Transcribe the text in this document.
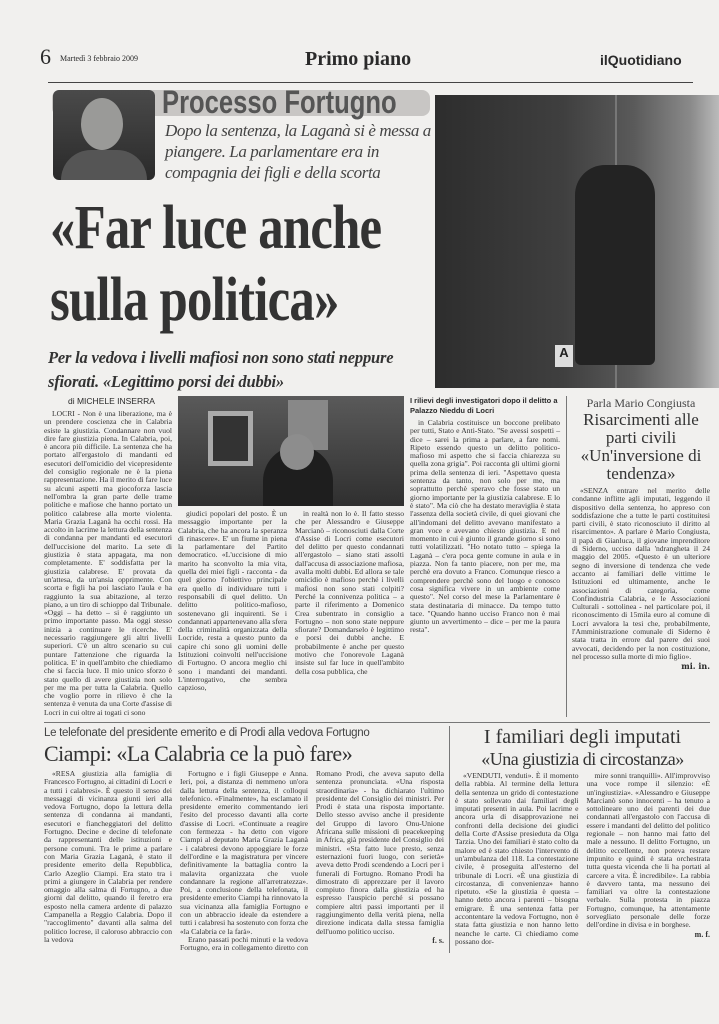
6 Martedì 3 febbraio 2009	Primo piano	ilQuotidiano
Processo Fortugno
Dopo la sentenza, la Laganà si è messa a piangere. La parlamentare era in compagnia dei figli e della scorta
«Far luce anche
sulla politica»
Per la vedova i livelli mafiosi non sono stati neppure sfiorati. «Legittimo porsi dei dubbi»
A
di MICHELE INSERRA

LOCRI - Non è una liberazione, ma è un prendere coscienza che in Calabria esiste la giustizia. Condannare non vuol dire fare giustizia piena. In Calabria, poi, è ancora più difficile. La sentenza che ha portato all'ergastolo di mandanti ed esecutori dell'omicidio del vicepresidente del consiglio regionale ne è la piena rappresentazione. Ha il merito di fare luce su alcuni aspetti ma giocoforza lascia nell'ombra la gran parte delle trame politiche e mafiose che hanno portato un politico calabrese alla morte violenta. Maria Grazia Laganà ha occhi rossi. Ha accolto in lacrime la lettura della sentenza di condanna per mandanti ed esecutori dell'uccisione del marito. La sete di giustizia è stata appagata, ma non completamente. E' soddisfatta per la giustizia calabrese. E' provata da un'attesa, da un'ansia opprimente. Con scorta e figli ha poi lasciato l'aula e ha raggiunto la sua abitazione, al terzo piano, a un tiro di schioppo dal Tribunale. «Oggi – ha detto – si è raggiunto un primo importante passo. Ma oggi stesso inizia a continuare le ricerche. E' necessario raggiungere gli altri livelli superiori. C'è un altro scenario su cui puntare l'attenzione che riguarda la politica. E' in quell'ambito che chiediamo che si faccia luce. Il mio unico sforzo è stato quello di avere giustizia non solo per me ma per tutta la Calabria. Quello che voglio porre in rilievo è che la sentenza è venuta da una Corte d'assise di Locri in cui oltre ai togati ci sono

giudici popolari del posto. È un messaggio importante per la Calabria, che ha ancora la speranza di rinascere». E' un fiume in piena la parlamentare del Partito democratico. «L'uccisione di mio marito ha sconvolto la mia vita, quella dei miei figli - racconta - da quel giorno l'obiettivo principale era quello di individuare tutti i responsabili di quel delitto. Un delitto politico-mafioso, sostenevano gli inquirenti. Se i condannati appartenevano alla sfera della criminalità organizzata della Locride, resta a questo punto da capire chi sono gli uomini delle Istituzioni coinvolti nell'uccisione di Fortugno. O ancora meglio chi sono i mandanti dei mandanti. L'interrogativo, che sembra capzioso,

in realtà non lo è. Il fatto stesso che per Alessandro e Giuseppe Marcianò – riconosciuti dalla Corte d'Assise di Locri come esecutori del delitto per questo condannati all'ergastolo – siano stati assolti dall'accusa di associazione mafiosa, avalla molti dubbi. Ed allora se tale omicidio è mafioso perché i livelli mafiosi non sono stati colpiti? Perché la connivenza politica – a parte il riferimento a Domenico Crea subentrato in consiglio a Fortugno – non sono state neppure sfiorate? Domandarselo è legittimo e porsi dei dubbi anche. E probabilmente è anche per questo motivo che l'onorevole Laganà insiste sul far luce in quell'ambito della cosa pubblica, che

I rilievi degli investigatori dopo il delitto a Palazzo Nieddu di Locri

in Calabria costituisce un boccone prelibato per tutti, Stato e Anti-Stato. "Se avessi sospetti – dice – sarei la prima a parlare, a fare nomi. Ripeto essendo questo un delitto politico-mafioso mi aspetto che si faccia chiarezza su quella zona grigia". Poi racconta gli ultimi giorni prima della sentenza di ieri. "Aspettavo questa sentenza da tanto, non solo per me, ma soprattutto perchè speravo che fosse stato un giorno importante per la giustizia calabrese. E lo è stato". Ma ciò che ha destato meraviglia è stata l'assenza della società civile, di quei giovani che all'indomani del delitto avevano manifestato a gran voce e avevano chiesto giustizia. E nel momento in cui è giunto il grande giorno si sono tutti volatilizzati. "Ho notato tutto – spiega la Laganà – c'era poca gente comune in aula e in piazza. Non fa tanto piacere, non per me, ma perchè era dovuto a Franco. Comunque riesco a comprendere perchè sono del luogo e conosco cosa significa vivere in un ambiente come questo". Nel corso del mese la Parlamentare è stata destinataria di minacce. Da tempo tutto tace. "Quando hanno ucciso Franco non è mai giunto un avvertimento – dice – per me la paura resta".

Parla Mario Congiusta
Risarcimenti alle parti civili «Un'inversione di tendenza»

«SENZA entrare nel merito delle condanne inflitte agli imputati, leggendo il dispositivo della sentenza, ho appreso con soddisfazione che a tutte le parti costituitesi parti civili, è stato riconosciuto il diritto al risarcimento». A parlare è Mario Congiusta, il papà di Gianluca, il giovane imprenditore di Siderno, ucciso dalla 'ndrangheta il 24 maggio del 2005. «Questo è un ulteriore segno di inversione di tendenza che vede accanto ai familiari delle vittime le Istituzioni ed ultimamente, anche le associazioni di categoria, come Confindustria Calabria, e le Associazioni Culturali - sottolinea - nel particolare poi, il riconoscimento di 15mila euro al comune di Locri avvalora la tesi che, probabilmente, l'Amministrazione comunale di Siderno è stata tratta in errore dal parere dei suoi avvocati, decidendo per la non costituzione, nel processo sulla morte di mio figlio».

mi. in.
Le telefonate del presidente emerito e di Prodi alla vedova Fortugno
Ciampi: «La Calabria ce la può fare»

«RESA giustizia alla famiglia di Francesco Fortugno, ai cittadini di Locri e a tutti i calabresi». È questo il senso dei messaggi di vicinanza giunti ieri alla vedova Fortugno, dopo la lettura della sentenza di condanna ai mandanti, esecutori e fiancheggiatori del delitto Fortugno. Decine e decine di telefonate da rappresentanti delle istituzioni e persone comuni. Tra le prime a parlare con Maria Grazia Laganà, è stato il presidente emerito della Repubblica, Carlo Azeglio Ciampi. Era stato tra i primi a giungere in Calabria per rendere omaggio alla salma di Fortugno, a due giorni dal delitto, quando il feretro era esposto nella camera ardente di palazzo Campanella a Reggio Calabria. Dopo il "raccoglimento" davanti alla salma del politico locrese, il caloroso abbraccio con la vedova

Fortugno e i figli Giuseppe e Anna. Ieri, poi, a distanza di nemmeno un'ora dalla lettura della sentenza, il colloqui telefonico. «Finalmente», ha esclamato il presidente emerito commentando ieri l'esito del processo davanti alla corte d'assise di Locri. «Continuate a reagire con fermezza - ha detto con vigore Ciampi al deputato Maria Grazia Laganà - i calabresi devono appoggiare le forze dell'ordine e la magistratura per vincere definitivamente la battaglia contro la malavita organizzata che vuole condannare la regione all'arretratezza». Poi, a conclusione della telefonata, il presidente emerito Ciampi ha rinnovato la sua vicinanza alla famiglia Fortugno e con un abbraccio ideale da estendere a tutti i calabresi ha sostenuto con forza che «la Calabria ce la farà».

Erano passati pochi minuti e la vedova Fortugno, era in collegamento diretto con Romano Prodi, che aveva saputo della sentenza pronunciata. «Una risposta straordinaria» - ha dichiarato l'ultimo presidente del Consiglio dei ministri. Per Prodi è stata una risposta importante. Dello stesso avviso anche il presidente del Gruppo di lavoro Onu-Unione Africana sulle missioni di peacekeeping in Africa, già presidente del Consiglio dei ministri. «Sta fatto luce presto, senza esternazioni fuori luogo, con serietà» aveva detto Prodi scendendo a Locri per i funerali di Fortugno. Romano Prodi ha dimostrato di apprezzare per il lavoro compiuto finora dalla giustizia ed ha espresso l'auspicio perché si possano compiere altri passi importanti per il raggiungimento della verità piena, nella direzione indicata dalla stessa famiglia dell'uomo politico ucciso.

f. s.
I familiari degli imputati
«Una giustizia di circostanza»

«VENDUTI, venduti». È il momento della rabbia. Al termine della lettura della sentenza un grido di contestazione è stato sollevato dai familiari degli imputati presenti in aula. Poi lacrime e ancora urla di disapprovazione nei confronti della decisione dei giudici della Corte d'Assise presieduta da Olga Tarzia. Uno dei familiari è stato colto da malore ed è stato chiesto l'intervento di un'ambulanza del 118. La contestazione civile, è proseguita all'esterno del tribunale di Locri. «È una giustizia di circostanza, di convenienza» hanno ripetuto. «Se la giustizia è questa – hanno detto ancora i parenti – bisogna emigrare. È una sentenza fatta per accontentare la vedova Fortugno, non è stata fatta giustizia e non hanno letto neanche le carte. Ci chiediamo come possano dor-

mire sonni tranquilli». All'improvviso una voce rompe il silenzio: «È un'ingiustizia». «Alessandro e Giuseppe Marcianò sono innocenti – ha tenuto a sottolineare uno dei parenti dei due condannati all'ergastolo con l'accusa di essere i mandanti del delitto del politico regionale – non hanno mai fatto del male a nessuno. Il delitto Fortugno, un delitto eccellente, non poteva restare impunito e quindi è stata orchestrata tutta questa vicenda che li ha portati al carcere a vita. È incredibile». La rabbia è davvero tanta, ma nessuno dei familiari va oltre la contestazione verbale. Sulla protesta in piazza Fortugno, comunque, ha attentamente sorvegliato personale delle forze dell'ordine in divisa e in borghese.

m. f.
